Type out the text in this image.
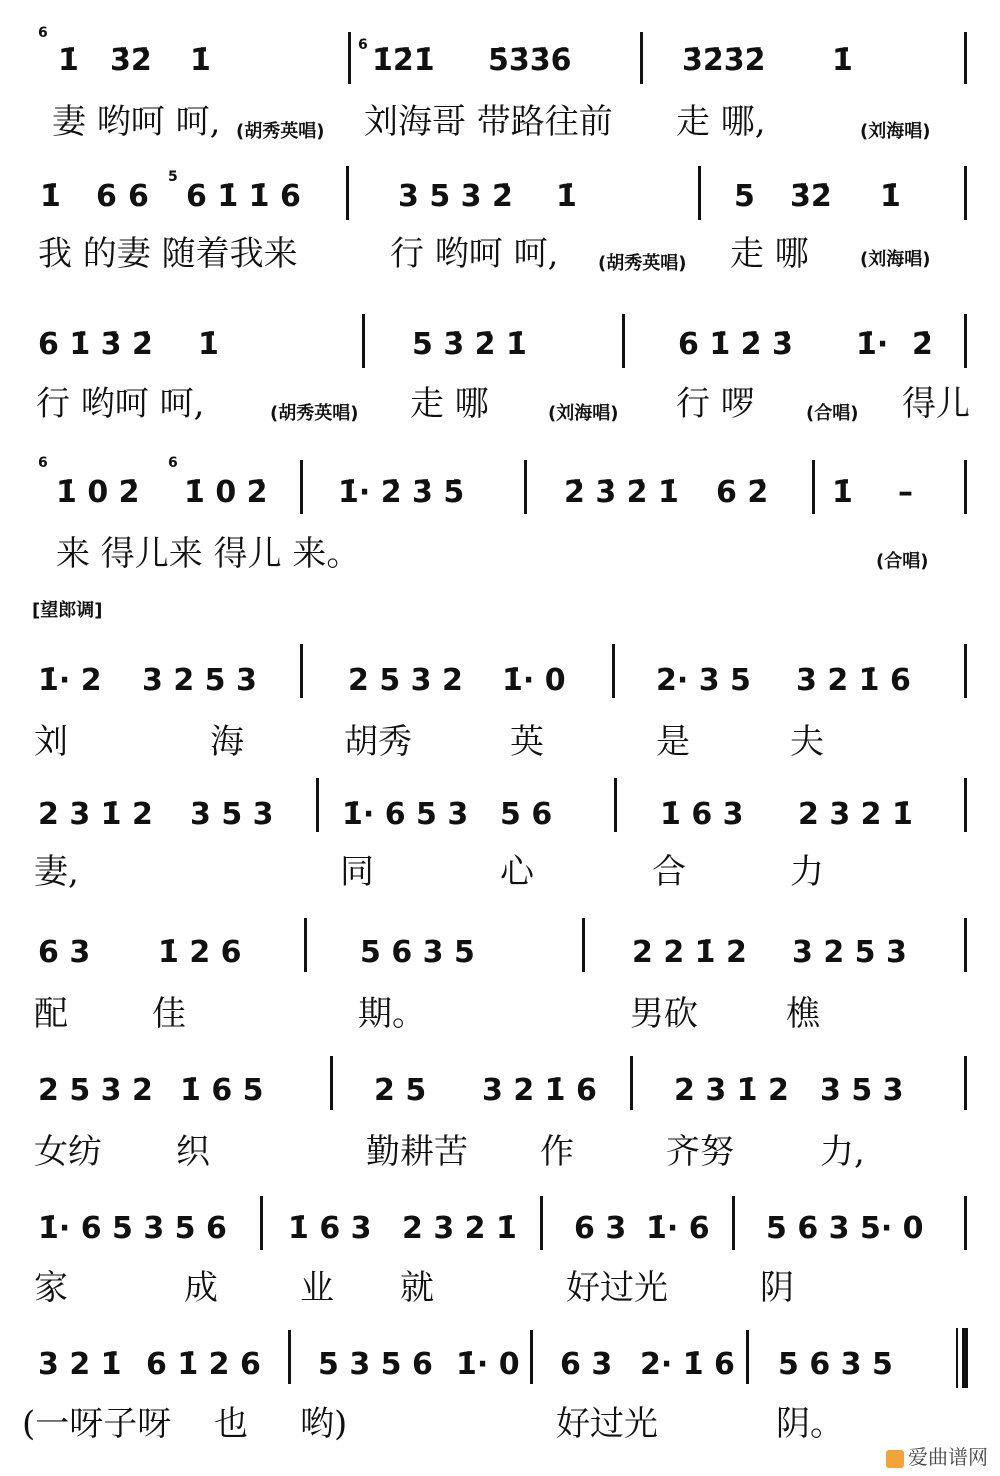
6
1̇ 3̇2̇ 1̇	6 1̇2̇1̇ 5̇3̇3̇6̇	3̇2̇3̇2̇ 1̇
妻 哟呵 呵, (胡秀英唱) 刘海哥 带路往前 走 哪,	(刘海唱)
1̇ 6 6
5
6 1̇ 1̇ 6	3 5 3 2̇ 1̇	5 3̇2̇ 1̇
我 的妻 随着我来	行 哟呵 呵, (胡秀英唱) 走 哪	(刘海唱)
6 1̇ 3̇ 2̇ 1̇	5 3̇ 2̇ 1̇	6 1̇ 2̇ 3̇ 1̇· 2̇
行 哟呵 呵,	(胡秀英唱) 走 哪	(刘海唱) 行 啰	(合唱) 得儿
6
1̇ 0 2̇
6
1̇ 0 2̇ 1̇· 2̇ 3̇ 5̇	2̇ 3̇ 2̇ 1̇ 6 2̇ 1̇ –
来 得儿来 得儿 来。	(合唱)
[望郎调]
1̇· 2 3 2 5 3	2 5 3 2 1̇· 0	2· 3 5 3 2 1̇ 6
刘	海	胡秀	英	是	夫
2 3 1̇ 2 3 5 3 1̇· 6 5 3 5 6	1̇ 6 3 2 3 2 1̇
妻,	同	心	合	力
6 3 1̇ 2 6	5 6 3 5	2 2 1̇ 2 3 2 5 3
配 佳	期。	男砍	樵
2 5 3 2 1̇ 6 5	2 5 3 2 1̇ 6	2 3 1̇ 2 3 5 3
女纺 织	勤耕苦 作	齐努	力,
1̇· 6 5 3 5 6 1̇ 6 3 2 3 2 1̇ 6 3 1̇· 6 5 6 3 5· 0
家	成 业 就	好过光	阴
3 2 1̇ 6 1̇ 2 6 5 3 5 6 1̇· 0 6 3 2· 1̇ 6 5 6 3 5
(一呀子呀 也 哟)	好过光	阴。
爱曲谱网
